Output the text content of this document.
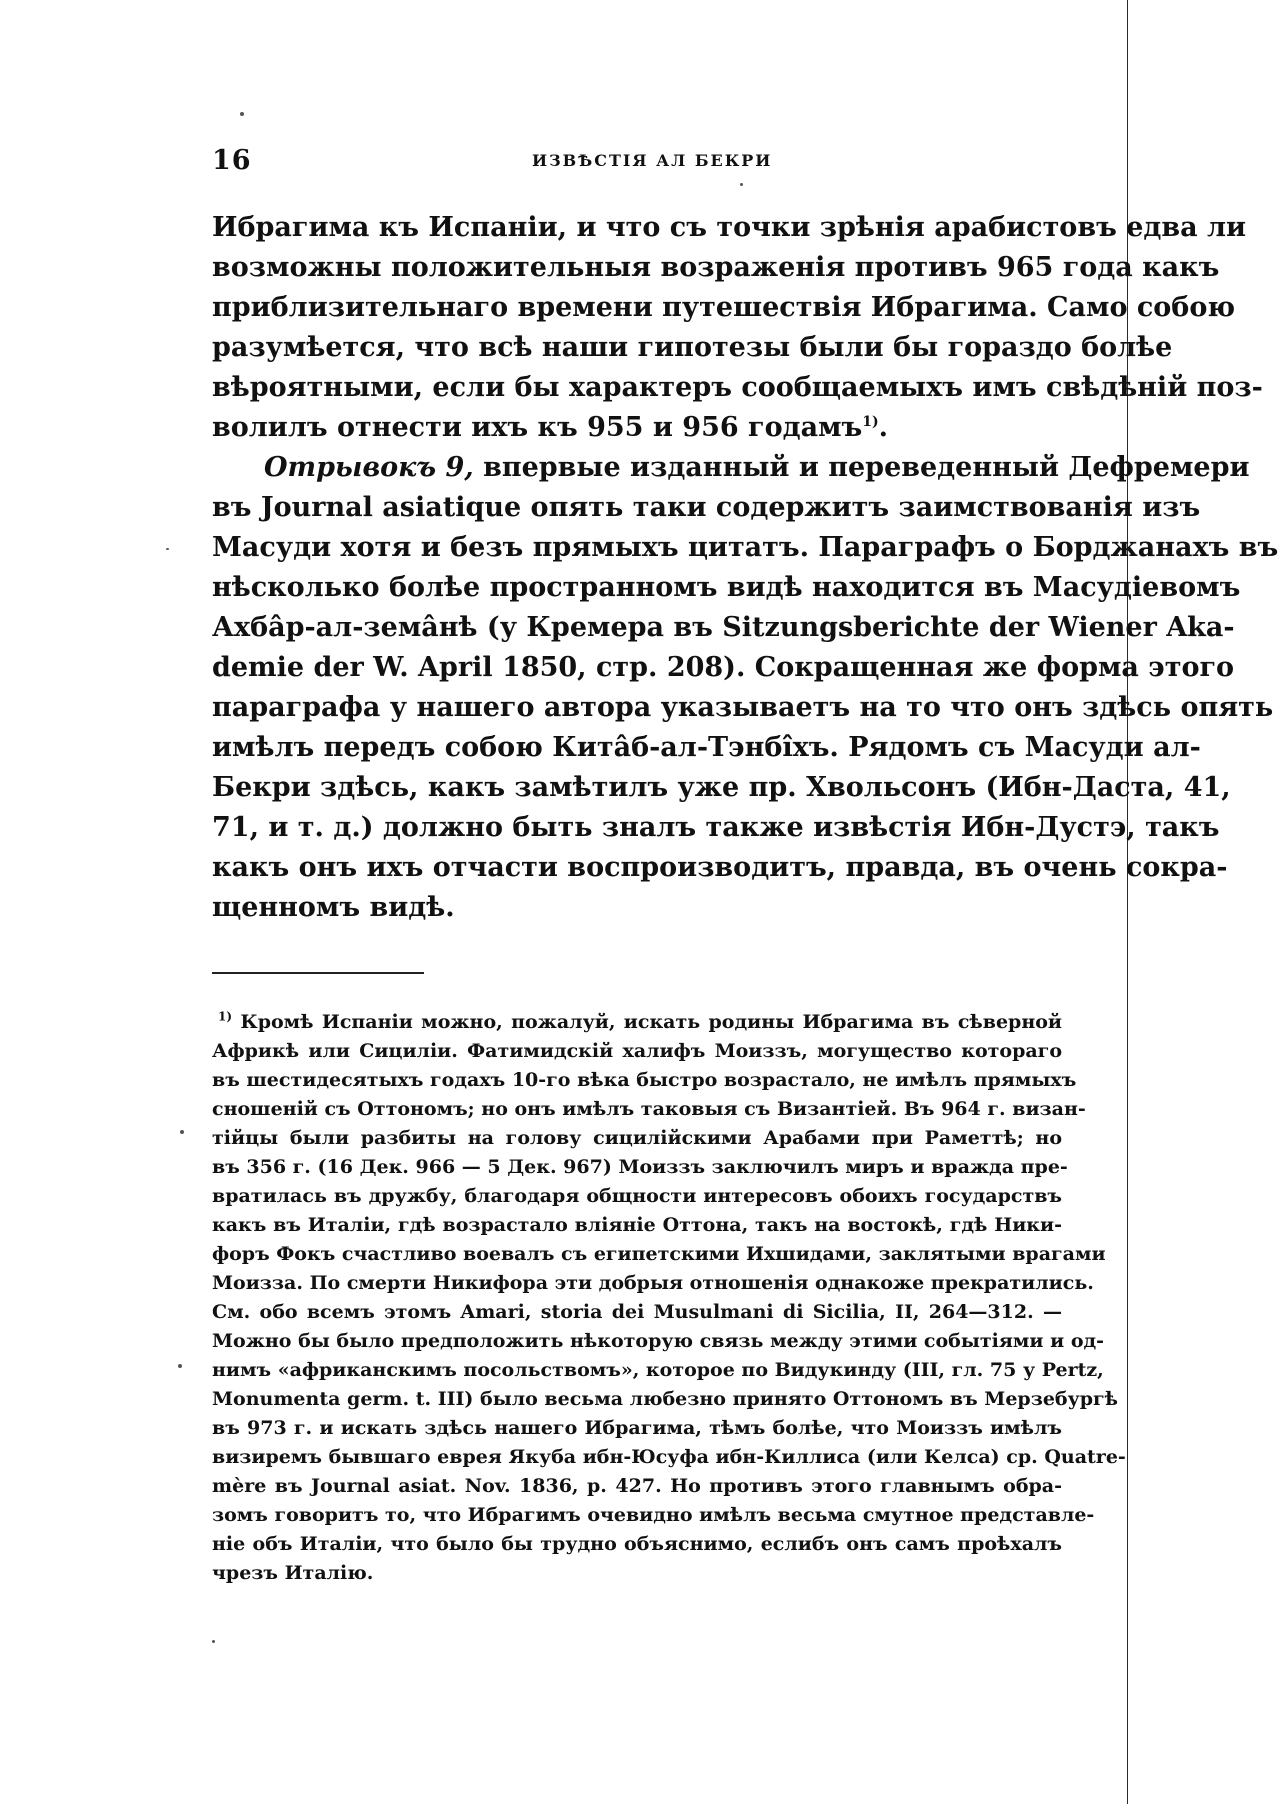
16	ИЗВѢСТІЯ АЛ БЕКРИ
Ибрагима къ Испаніи, и что съ точки зрѣнія арабистовъ едва ли
возможны положительныя возраженія противъ 965 года какъ
приблизительнаго времени путешествія Ибрагима. Само собою
разумѣется, что всѣ наши гипотезы были бы гораздо болѣе
вѣроятными, если бы характеръ сообщаемыхъ имъ свѣдѣній поз-
волилъ отнести ихъ къ 955 и 956 годамъ$^{1)}$.
Отрывокъ 9, впервые изданный и переведенный Дефремери
въ Journal asiatique опять таки содержитъ заимствованія изъ
Масуди хотя и безъ прямыхъ цитатъ. Параграфъ о Борджанахъ въ
нѣсколько болѣе пространномъ видѣ находится въ Масудіевомъ
Ахбâр-ал-земâнѣ (у Кремера въ Sitzungsberichte der Wiener Aka-
demie der W. April 1850, стр. 208). Сокращенная же форма этого
параграфа у нашего автора указываетъ на то что онъ здѣсь опять
имѣлъ передъ собою Китâб-ал-Тэнбîхъ. Рядомъ съ Масуди ал-
Бекри здѣсь, какъ замѣтилъ уже пр. Хвольсонъ (Ибн-Даста, 41,
71, и т. д.) должно быть зналъ также извѣстія Ибн-Дустэ, такъ
какъ онъ ихъ отчасти воспроизводитъ, правда, въ очень сокра-
щенномъ видѣ.
$^{1)}$ Кромѣ Испаніи можно, пожалуй, искать родины Ибрагима въ сѣверной
Африкѣ или Сициліи. Фатимидскій халифъ Моиззъ, могущество котораго
въ шестидесятыхъ годахъ 10-го вѣка быстро возрастало, не имѣлъ прямыхъ
сношеній съ Оттономъ; но онъ имѣлъ таковыя съ Византіей. Въ 964 г. визан-
тійцы были разбиты на голову сицилійскими Арабами при Раметтѣ; но
въ 356 г. (16 Дек. 966 — 5 Дек. 967) Моиззъ заключилъ миръ и вражда пре-
вратилась въ дружбу, благодаря общности интересовъ обоихъ государствъ
какъ въ Италіи, гдѣ возрастало вліяніе Оттона, такъ на востокѣ, гдѣ Ники-
форъ Фокъ счастливо воевалъ съ египетскими Ихшидами, заклятыми врагами
Моизза. По смерти Никифора эти добрыя отношенія однакоже прекратились.
См. обо всемъ этомъ Amari, storia dei Musulmani di Sicilia, II, 264—312. —
Можно бы было предположить нѣкоторую связь между этими событіями и од-
нимъ «африканскимъ посольствомъ», которое по Видукинду (III, гл. 75 у Pertz,
Monumenta germ. t. III) было весьма любезно принято Оттономъ въ Мерзебургѣ
въ 973 г. и искать здѣсь нашего Ибрагима, тѣмъ болѣе, что Моиззъ имѣлъ
визиремъ бывшаго еврея Якуба ибн-Юсуфа ибн-Киллиса (или Келса) ср. Quatre-
mère въ Journal asiat. Nov. 1836, p. 427. Но противъ этого главнымъ обра-
зомъ говоритъ то, что Ибрагимъ очевидно имѣлъ весьма смутное представле-
ніе объ Италіи, что было бы трудно объяснимо, еслибъ онъ самъ проѣхалъ
чрезъ Италію.
